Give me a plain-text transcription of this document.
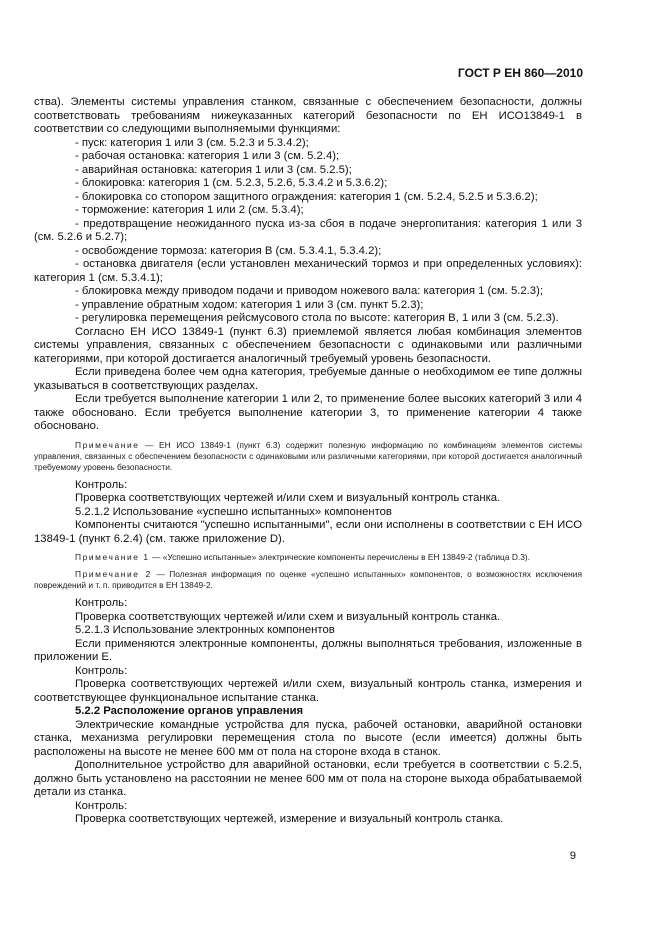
ГОСТ Р ЕН 860—2010

ства). Элементы системы управления станком, связанные с обеспечением безопасности, должны соответствовать требованиям нижеуказанных категорий безопасности по ЕН ИСО13849-1 в соответствии со следующими выполняемыми функциями:

- пуск: категория 1 или 3 (см. 5.2.3 и 5.3.4.2);

- рабочая остановка: категория 1 или 3 (см. 5.2.4);

- аварийная остановка: категория 1 или 3 (см. 5.2.5);

- блокировка: категория 1 (см. 5.2.3, 5.2.6, 5.3.4.2 и 5.3.6.2);

- блокировка со стопором защитного ограждения: категория 1 (см. 5.2.4, 5.2.5 и 5.3.6.2);

- торможение: категория 1 или 2 (см. 5.3.4);

- предотвращение неожиданного пуска из-за сбоя в подаче энергопитания: категория 1 или 3 (см. 5.2.6 и 5.2.7);

- освобождение тормоза: категория В (см. 5.3.4.1, 5.3.4.2);

- остановка двигателя (если установлен механический тормоз и при определенных условиях): категория 1 (см. 5.3.4.1);

- блокировка между приводом подачи и приводом ножевого вала: категория 1 (см. 5.2.3);

- управление обратным ходом: категория 1 или 3 (см. пункт 5.2.3);

- регулировка перемещения рейсмусового стола по высоте: категория В, 1 или 3 (см. 5.2.3).

Согласно ЕН ИСО 13849-1 (пункт 6.3) приемлемой является любая комбинация элементов системы управления, связанных с обеспечением безопасности с одинаковыми или различными категориями, при которой достигается аналогичный требуемый уровень безопасности.

Если приведена более чем одна категория, требуемые данные о необходимом ее типе должны указываться в соответствующих разделах.

Если требуется выполнение категории 1 или 2, то применение более высоких категорий 3 или 4 также обосновано. Если требуется выполнение категории 3, то применение категории 4 также обосновано.

Примечание — ЕН ИСО 13849-1 (пункт 6.3) содержит полезную информацию по комбинациям элементов системы управления, связанных с обеспечением безопасности с одинаковыми или различными категориями, при которой достигается аналогичный требуемому уровень безопасности.

Контроль:

Проверка соответствующих чертежей и/или схем и визуальный контроль станка.

5.2.1.2 Использование «успешно испытанных» компонентов

Компоненты считаются "успешно испытанными", если они исполнены в соответствии с ЕН ИСО 13849-1 (пункт 6.2.4) (см. также приложение D).

Примечание 1 — «Успешно испытанные» электрические компоненты перечислены в ЕН 13849-2 (таблица D.3).

Примечание 2 — Полезная информация по оценке «успешно испытанных» компонентов, о возможностях исключения повреждений и т. п. приводится в ЕН 13849-2.

Контроль:

Проверка соответствующих чертежей и/или схем и визуальный контроль станка.

5.2.1.3 Использование электронных компонентов

Если применяются электронные компоненты, должны выполняться требования, изложенные в приложении Е.

Контроль:

Проверка соответствующих чертежей и/или схем, визуальный контроль станка, измерения и соответствующее функциональное испытание станка.

5.2.2 Расположение органов управления

Электрические командные устройства для пуска, рабочей остановки, аварийной остановки станка, механизма регулировки перемещения стола по высоте (если имеется) должны быть расположены на высоте не менее 600 мм от пола на стороне входа в станок.

Дополнительное устройство для аварийной остановки, если требуется в соответствии с 5.2.5, должно быть установлено на расстоянии не менее 600 мм от пола на стороне выхода обрабатываемой детали из станка.

Контроль:

Проверка соответствующих чертежей, измерение и визуальный контроль станка.

9
